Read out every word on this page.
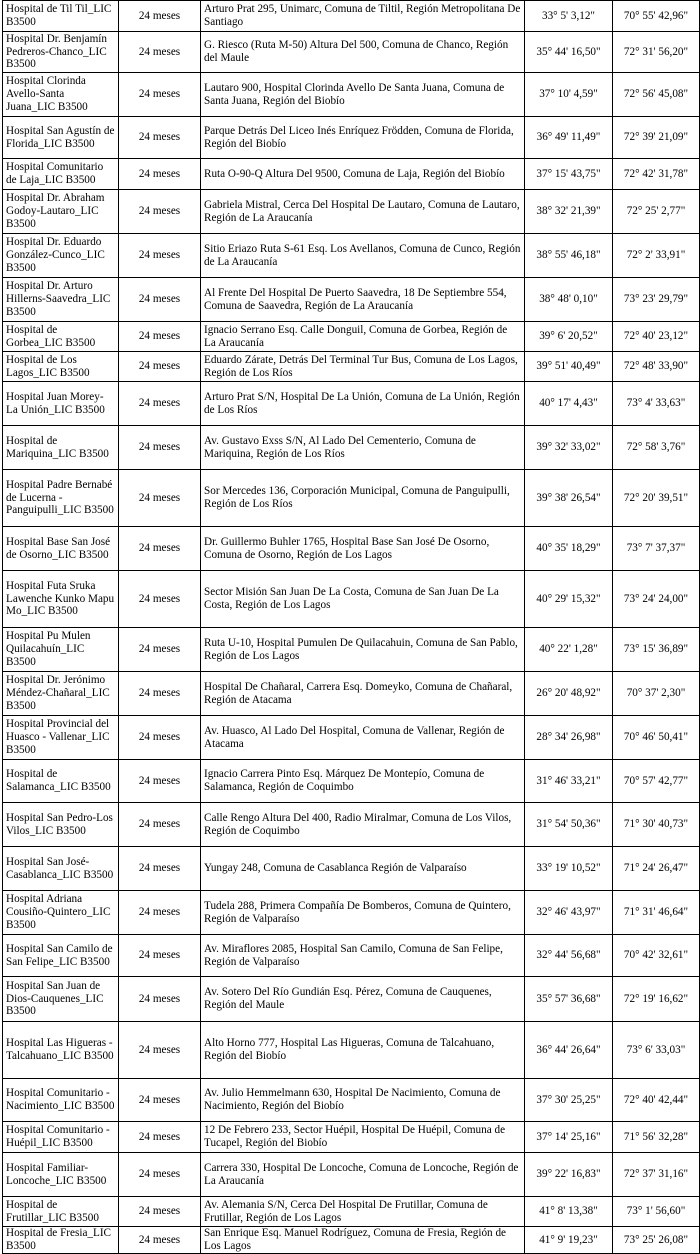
Hospital de Til Til_LIC B3500	24 meses	Arturo Prat 295, Unimarc, Comuna de Tiltil, Región Metropolitana De Santiago	33° 5' 3,12"	70° 55' 42,96"
Hospital Dr. Benjamín Pedreros-Chanco_LIC B3500	24 meses	G. Riesco (Ruta M-50) Altura Del 500, Comuna de Chanco, Región del Maule	35° 44' 16,50"	72° 31' 56,20"
Hospital Clorinda Avello-Santa Juana_LIC B3500	24 meses	Lautaro 900, Hospital Clorinda Avello De Santa Juana, Comuna de Santa Juana, Región del Biobío	37° 10' 4,59"	72° 56' 45,08"
Hospital San Agustín de Florida_LIC B3500	24 meses	Parque Detrás Del Liceo Inés Enríquez Frödden, Comuna de Florida, Región del Biobío	36° 49' 11,49"	72° 39' 21,09"
Hospital Comunitario de Laja_LIC B3500	24 meses	Ruta O-90-Q Altura Del 9500, Comuna de Laja, Región del Biobío	37° 15' 43,75"	72° 42' 31,78"
Hospital Dr. Abraham Godoy-Lautaro_LIC B3500	24 meses	Gabriela Mistral, Cerca Del Hospital De Lautaro, Comuna de Lautaro, Región de La Araucanía	38° 32' 21,39"	72° 25' 2,77"
Hospital Dr. Eduardo González-Cunco_LIC B3500	24 meses	Sitio Eriazo Ruta S-61 Esq. Los Avellanos, Comuna de Cunco, Región de La Araucanía	38° 55' 46,18"	72° 2' 33,91"
Hospital Dr. Arturo Hillerns-Saavedra_LIC B3500	24 meses	Al Frente Del Hospital De Puerto Saavedra, 18 De Septiembre 554, Comuna de Saavedra, Región de La Araucanía	38° 48' 0,10"	73° 23' 29,79"
Hospital de Gorbea_LIC B3500	24 meses	Ignacio Serrano Esq. Calle Donguil, Comuna de Gorbea, Región de La Araucanía	39° 6' 20,52"	72° 40' 23,12"
Hospital de Los Lagos_LIC B3500	24 meses	Eduardo Zárate, Detrás Del Terminal Tur Bus, Comuna de Los Lagos, Región de Los Ríos	39° 51' 40,49"	72° 48' 33,90"
Hospital Juan Morey-La Unión_LIC B3500	24 meses	Arturo Prat S/N, Hospital De La Unión, Comuna de La Unión, Región de Los Ríos	40° 17' 4,43"	73° 4' 33,63"
Hospital de Mariquina_LIC B3500	24 meses	Av. Gustavo Exss S/N, Al Lado Del Cementerio, Comuna de Mariquina, Región de Los Ríos	39° 32' 33,02"	72° 58' 3,76"
Hospital Padre Bernabé de Lucerna - Panguipulli_LIC B3500	24 meses	Sor Mercedes 136, Corporación Municipal, Comuna de Panguipulli, Región de Los Ríos	39° 38' 26,54"	72° 20' 39,51"
Hospital Base San José de Osorno_LIC B3500	24 meses	Dr. Guillermo Buhler 1765, Hospital Base San José De Osorno, Comuna de Osorno, Región de Los Lagos	40° 35' 18,29"	73° 7' 37,37"
Hospital Futa Sruka Lawenche Kunko Mapu Mo_LIC B3500	24 meses	Sector Misión San Juan De La Costa, Comuna de San Juan De La Costa, Región de Los Lagos	40° 29' 15,32"	73° 24' 24,00"
Hospital Pu Mulen Quilacahuín_LIC B3500	24 meses	Ruta U-10, Hospital Pumulen De Quilacahuin, Comuna de San Pablo, Región de Los Lagos	40° 22' 1,28"	73° 15' 36,89"
Hospital Dr. Jerónimo Méndez-Chañaral_LIC B3500	24 meses	Hospital De Chañaral, Carrera Esq. Domeyko, Comuna de Chañaral, Región de Atacama	26° 20' 48,92"	70° 37' 2,30"
Hospital Provincial del Huasco - Vallenar_LIC B3500	24 meses	Av. Huasco, Al Lado Del Hospital, Comuna de Vallenar, Región de Atacama	28° 34' 26,98"	70° 46' 50,41"
Hospital de Salamanca_LIC B3500	24 meses	Ignacio Carrera Pinto Esq. Márquez De Montepío, Comuna de Salamanca, Región de Coquimbo	31° 46' 33,21"	70° 57' 42,77"
Hospital San Pedro-Los Vilos_LIC B3500	24 meses	Calle Rengo Altura Del 400, Radio Miralmar, Comuna de Los Vilos, Región de Coquimbo	31° 54' 50,36"	71° 30' 40,73"
Hospital San José-Casablanca_LIC B3500	24 meses	Yungay 248, Comuna de Casablanca Región de Valparaíso	33° 19' 10,52"	71° 24' 26,47"
Hospital Adriana Cousiño-Quintero_LIC B3500	24 meses	Tudela 288, Primera Compañía De Bomberos, Comuna de Quintero, Región de Valparaíso	32° 46' 43,97"	71° 31' 46,64"
Hospital San Camilo de San Felipe_LIC B3500	24 meses	Av. Miraflores 2085, Hospital San Camilo, Comuna de San Felipe, Región de Valparaíso	32° 44' 56,68"	70° 42' 32,61"
Hospital San Juan de Dios-Cauquenes_LIC B3500	24 meses	Av. Sotero Del Río Gundián Esq. Pérez, Comuna de Cauquenes, Región del Maule	35° 57' 36,68"	72° 19' 16,62"
Hospital Las Higueras - Talcahuano_LIC B3500	24 meses	Alto Horno 777, Hospital Las Higueras, Comuna de Talcahuano, Región del Biobío	36° 44' 26,64"	73° 6' 33,03"
Hospital Comunitario - Nacimiento_LIC B3500	24 meses	Av. Julio Hemmelmann 630, Hospital De Nacimiento, Comuna de Nacimiento, Región del Biobío	37° 30' 25,25"	72° 40' 42,44"
Hospital Comunitario -Huépil_LIC B3500	24 meses	12 De Febrero 233, Sector Huépil, Hospital De Huépil, Comuna de Tucapel, Región del Biobío	37° 14' 25,16"	71° 56' 32,28"
Hospital Familiar-Loncoche_LIC B3500	24 meses	Carrera 330, Hospital De Loncoche, Comuna de Loncoche, Región de La Araucanía	39° 22' 16,83"	72° 37' 31,16"
Hospital de Frutillar_LIC B3500	24 meses	Av. Alemania S/N, Cerca Del Hospital De Frutillar, Comuna de Frutillar, Región de Los Lagos	41° 8' 13,38"	73° 1' 56,60"
Hospital de Fresia_LIC B3500	24 meses	San Enrique Esq. Manuel Rodríguez, Comuna de Fresia, Región de Los Lagos	41° 9' 19,23"	73° 25' 26,08"
